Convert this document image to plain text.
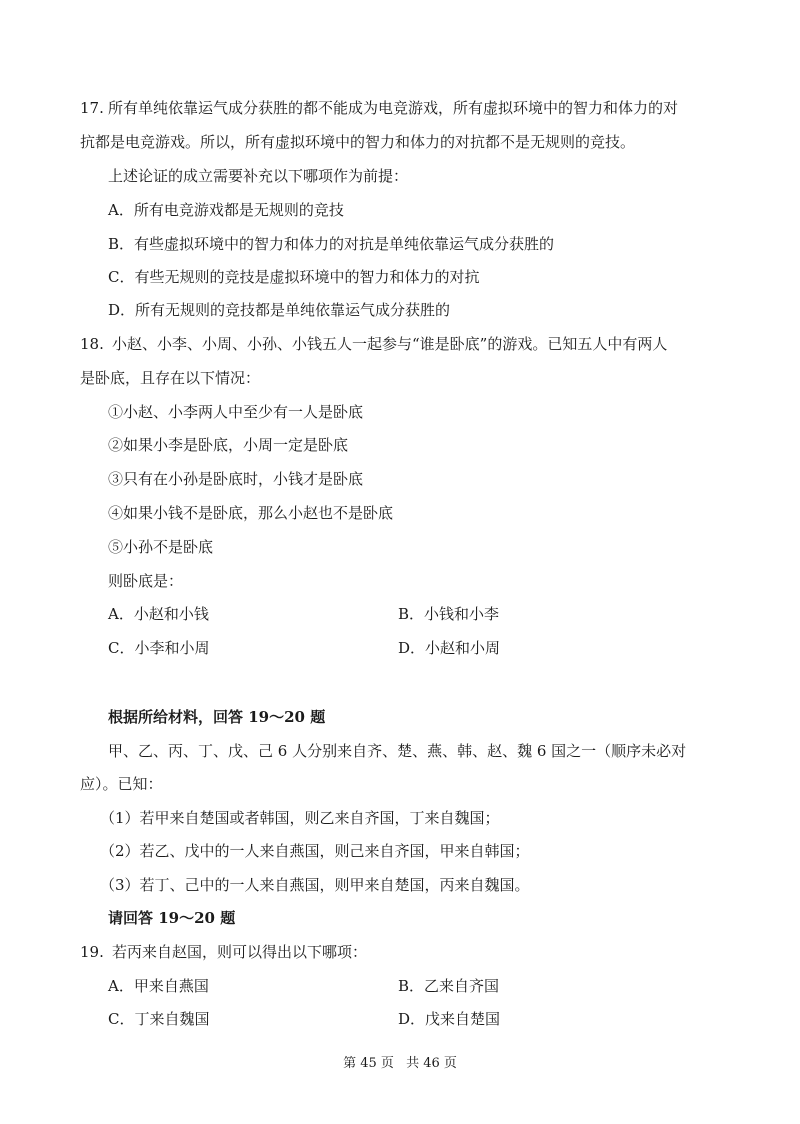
17. 所有单纯依靠运气成分获胜的都不能成为电竞游戏，所有虚拟环境中的智力和体力的对
抗都是电竞游戏。所以，所有虚拟环境中的智力和体力的对抗都不是无规则的竞技。
上述论证的成立需要补充以下哪项作为前提：
A．所有电竞游戏都是无规则的竞技
B．有些虚拟环境中的智力和体力的对抗是单纯依靠运气成分获胜的
C．有些无规则的竞技是虚拟环境中的智力和体力的对抗
D．所有无规则的竞技都是单纯依靠运气成分获胜的
18. 小赵、小李、小周、小孙、小钱五人一起参与“谁是卧底”的游戏。已知五人中有两人
是卧底，且存在以下情况：
①小赵、小李两人中至少有一人是卧底
②如果小李是卧底，小周一定是卧底
③只有在小孙是卧底时，小钱才是卧底
④如果小钱不是卧底，那么小赵也不是卧底
⑤小孙不是卧底
则卧底是：
A．小赵和小钱	B．小钱和小李
C．小李和小周	D．小赵和小周
根据所给材料，回答 19～20 题
甲、乙、丙、丁、戊、己 6 人分别来自齐、楚、燕、韩、赵、魏 6 国之一（顺序未必对
应）。已知：
（1）若甲来自楚国或者韩国，则乙来自齐国，丁来自魏国；
（2）若乙、戊中的一人来自燕国，则己来自齐国，甲来自韩国；
（3）若丁、己中的一人来自燕国，则甲来自楚国，丙来自魏国。
请回答 19～20 题
19. 若丙来自赵国，则可以得出以下哪项：
A．甲来自燕国	B．乙来自齐国
C．丁来自魏国	D．戊来自楚国
第 45 页 共 46 页
